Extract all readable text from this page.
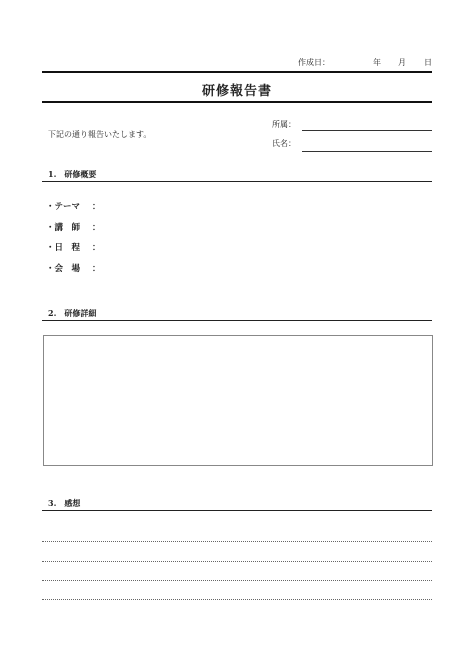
作成日：	年 月 日
研修報告書
下記の通り報告いたします。
所属：
氏名：
1.　研修概要
・テーマ ：
・講　師 ：
・日　程 ：
・会　場 ：
2.　研修詳細
3.　感想
